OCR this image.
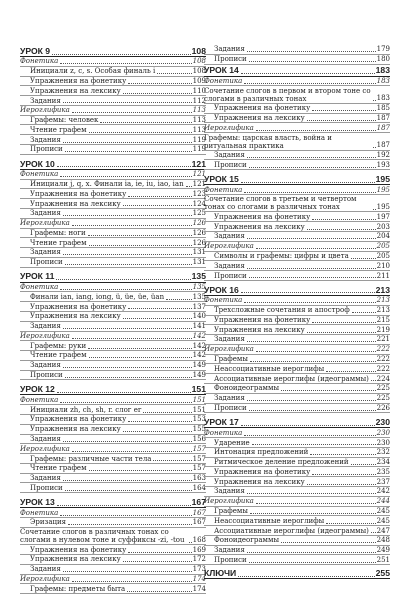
УРОК 9	108
Фонетика	108
Инициали z, c, s. Особая финаль i	108
Упражнения на фонетику	109
Упражнения на лексику	110
Задания	112
Иероглифика	113
Графемы: человек	113
Чтение графем	113
Задания	119
Прописи	119
УРОК 10	121
Фонетика	121
Инициали j, q, x. Финали ia, ie, iu, iao, ian 121
Упражнения на фонетику	123
Упражнения на лексику	124
Задания	125
Иероглифика	126
Графемы: ноги	126
Чтение графем	126
Задания	131
Прописи	131
УРОК 11	135
Фонетика	135
Финали ian, iang, iong, ü, üe, üe, üan	135
Упражнения на фонетику	137
Упражнения на лексику	140
Задания	141
Иероглифика	142
Графемы: руки	142
Чтение графем	142
Задания	149
Прописи	149
УРОК 12	151
Фонетика	151
Инициали zh, ch, sh, r. слог er	151
Упражнения на фонетику	153
Упражнения на лексику	155
Задания	156
Иероглифика	157
Графемы: различные части тела	157
Чтение графем	157
Задания	163
Прописи	164
УРОК 13	167
Фонетика	167
Эризация	167
Сочетание слогов в различных тонах со слогами в нулевом тоне и суффиксы -zi, -tou	168
Упражнения на фонетику	169
Упражнения на лексику	172
Задания	173
Иероглифика	174
Графемы: предметы быта	174
Задания	179
Прописи	180
УРОК 14	183
Фонетика	183
Сочетание слогов в первом и втором тоне со слогами в различных тонах	183
Упражнения на фонетику	185
Упражнения на лексику	187
Иероглифика	187
Графемы: царская власть, война и ритуальная практика	187
Задания	192
Прописи	193
УРОК 15	195
Фонетика	195
Сочетание слогов в третьем и четвертом тонах со слогами в различных тонах	195
Упражнения на фонетику	197
Упражнения на лексику	203
Задания	204
Иероглифика	205
Символы и графемы: цифры и цвета	205
Задания	210
Прописи	211
УРОК 16	213
Фонетика	213
Трехсложные сочетания и апостроф	213
Упражнения на фонетику	215
Упражнения на лексику	219
Задания	221
Иероглифика	222
Графемы	222
Неассоциативные иероглифы	222
Ассоциативные иероглифы (идеограммы) 224
Фоноидеограммы	225
Задания	225
Прописи	226
УРОК 17	230
Фонетика	230
Ударение	230
Интонация предложений	232
Ритмическое деление предложений	234
Упражнения на фонетику	235
Упражнения на лексику	237
Задания	242
Иероглифика	244
Графемы	245
Неассоциативные иероглифы	245
Ассоциативные иероглифы (идеограммы) 247
Фоноидеограммы	248
Задания	249
Прописи	251
КЛЮЧИ	255
